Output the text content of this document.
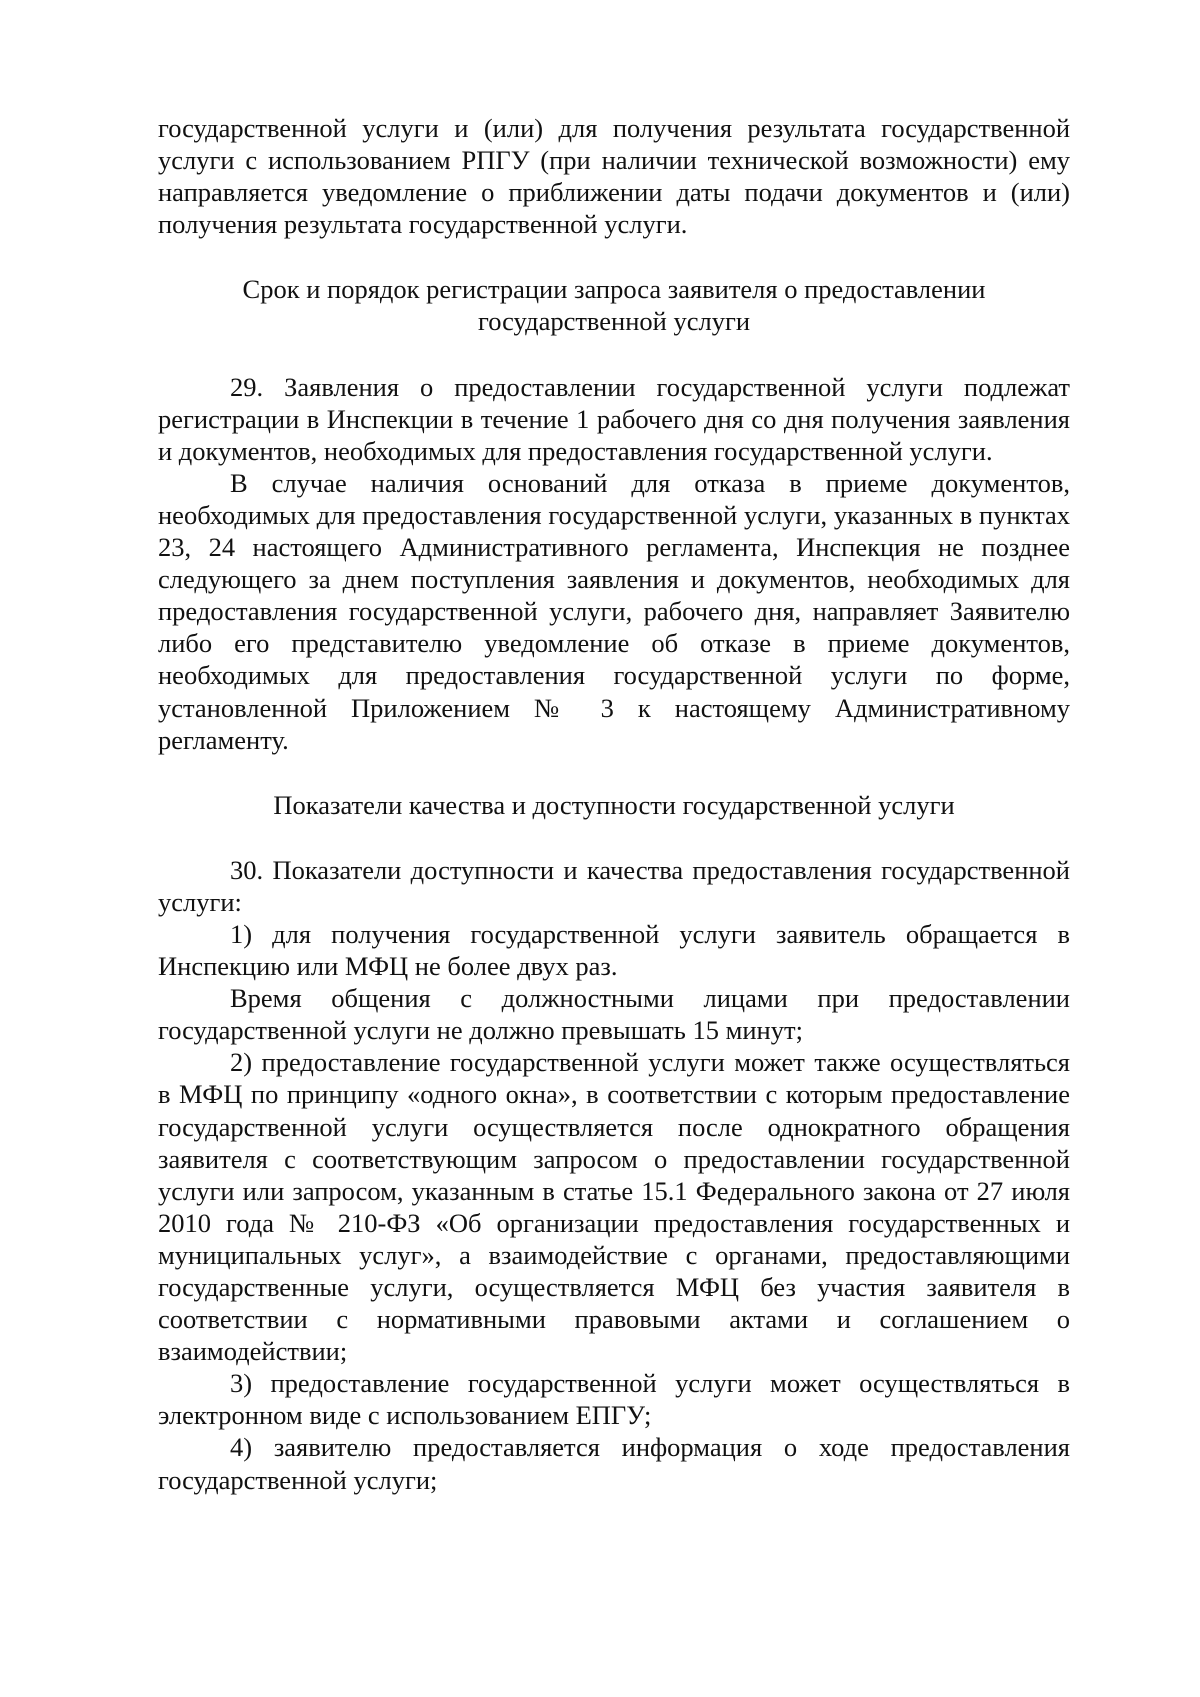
государственной услуги и (или) для получения результата государственной услуги с использованием РПГУ (при наличии технической возможности) ему направляется уведомление о приближении даты подачи документов и (или) получения результата государственной услуги.

Срок и порядок регистрации запроса заявителя о предоставлении государственной услуги

29. Заявления о предоставлении государственной услуги подлежат регистрации в Инспекции в течение 1 рабочего дня со дня получения заявления и документов, необходимых для предоставления государственной услуги.

В случае наличия оснований для отказа в приеме документов, необходимых для предоставления государственной услуги, указанных в пунктах 23, 24 настоящего Административного регламента, Инспекция не позднее следующего за днем поступления заявления и документов, необходимых для предоставления государственной услуги, рабочего дня, направляет Заявителю либо его представителю уведомление об отказе в приеме документов, необходимых для предоставления государственной услуги по форме, установленной Приложением № 3 к настоящему Административному регламенту.

Показатели качества и доступности государственной услуги

30. Показатели доступности и качества предоставления государственной услуги:

1) для получения государственной услуги заявитель обращается в Инспекцию или МФЦ не более двух раз.

Время общения с должностными лицами при предоставлении государственной услуги не должно превышать 15 минут;

2) предоставление государственной услуги может также осуществляться в МФЦ по принципу «одного окна», в соответствии с которым предоставление государственной услуги осуществляется после однократного обращения заявителя с соответствующим запросом о предоставлении государственной услуги или запросом, указанным в статье 15.1 Федерального закона от 27 июля 2010 года № 210-ФЗ «Об организации предоставления государственных и муниципальных услуг», а взаимодействие с органами, предоставляющими государственные услуги, осуществляется МФЦ без участия заявителя в соответствии с нормативными правовыми актами и соглашением о взаимодействии;

3) предоставление государственной услуги может осуществляться в электронном виде с использованием ЕПГУ;

4) заявителю предоставляется информация о ходе предоставления государственной услуги;
